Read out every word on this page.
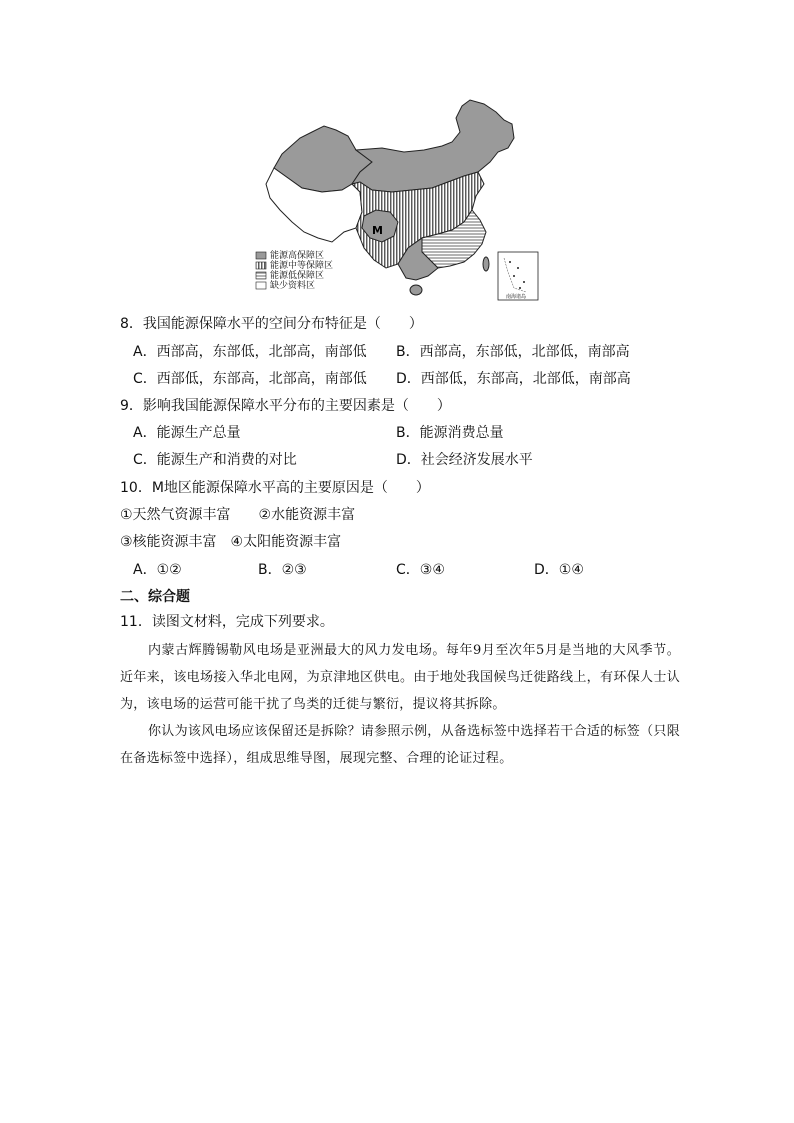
M
能源高保障区
能源中等保障区
能源低保障区
缺少资料区
南海诸岛
8．我国能源保障水平的空间分布特征是（　　）
A．西部高，东部低，北部高，南部低 B．西部高，东部低，北部低，南部高
C．西部低，东部高，北部高，南部低 D．西部低，东部高，北部低，南部高
9．影响我国能源保障水平分布的主要因素是（　　）
A．能源生产总量	B．能源消费总量
C．能源生产和消费的对比	D．社会经济发展水平
10．M地区能源保障水平高的主要原因是（　　）
①天然气资源丰富　　②水能资源丰富
③核能资源丰富　④太阳能资源丰富
A．①②	B．②③	C．③④	D．①④
二、综合题
11．读图文材料，完成下列要求。
内蒙古辉腾锡勒风电场是亚洲最大的风力发电场。每年9月至次年5月是当地的大风季节。近年来，该电场接入华北电网，为京津地区供电。由于地处我国候鸟迁徙路线上，有环保人士认为，该电场的运营可能干扰了鸟类的迁徙与繁衍，提议将其拆除。
你认为该风电场应该保留还是拆除？请参照示例，从备选标签中选择若干合适的标签（只限在备选标签中选择），组成思维导图，展现完整、合理的论证过程。
